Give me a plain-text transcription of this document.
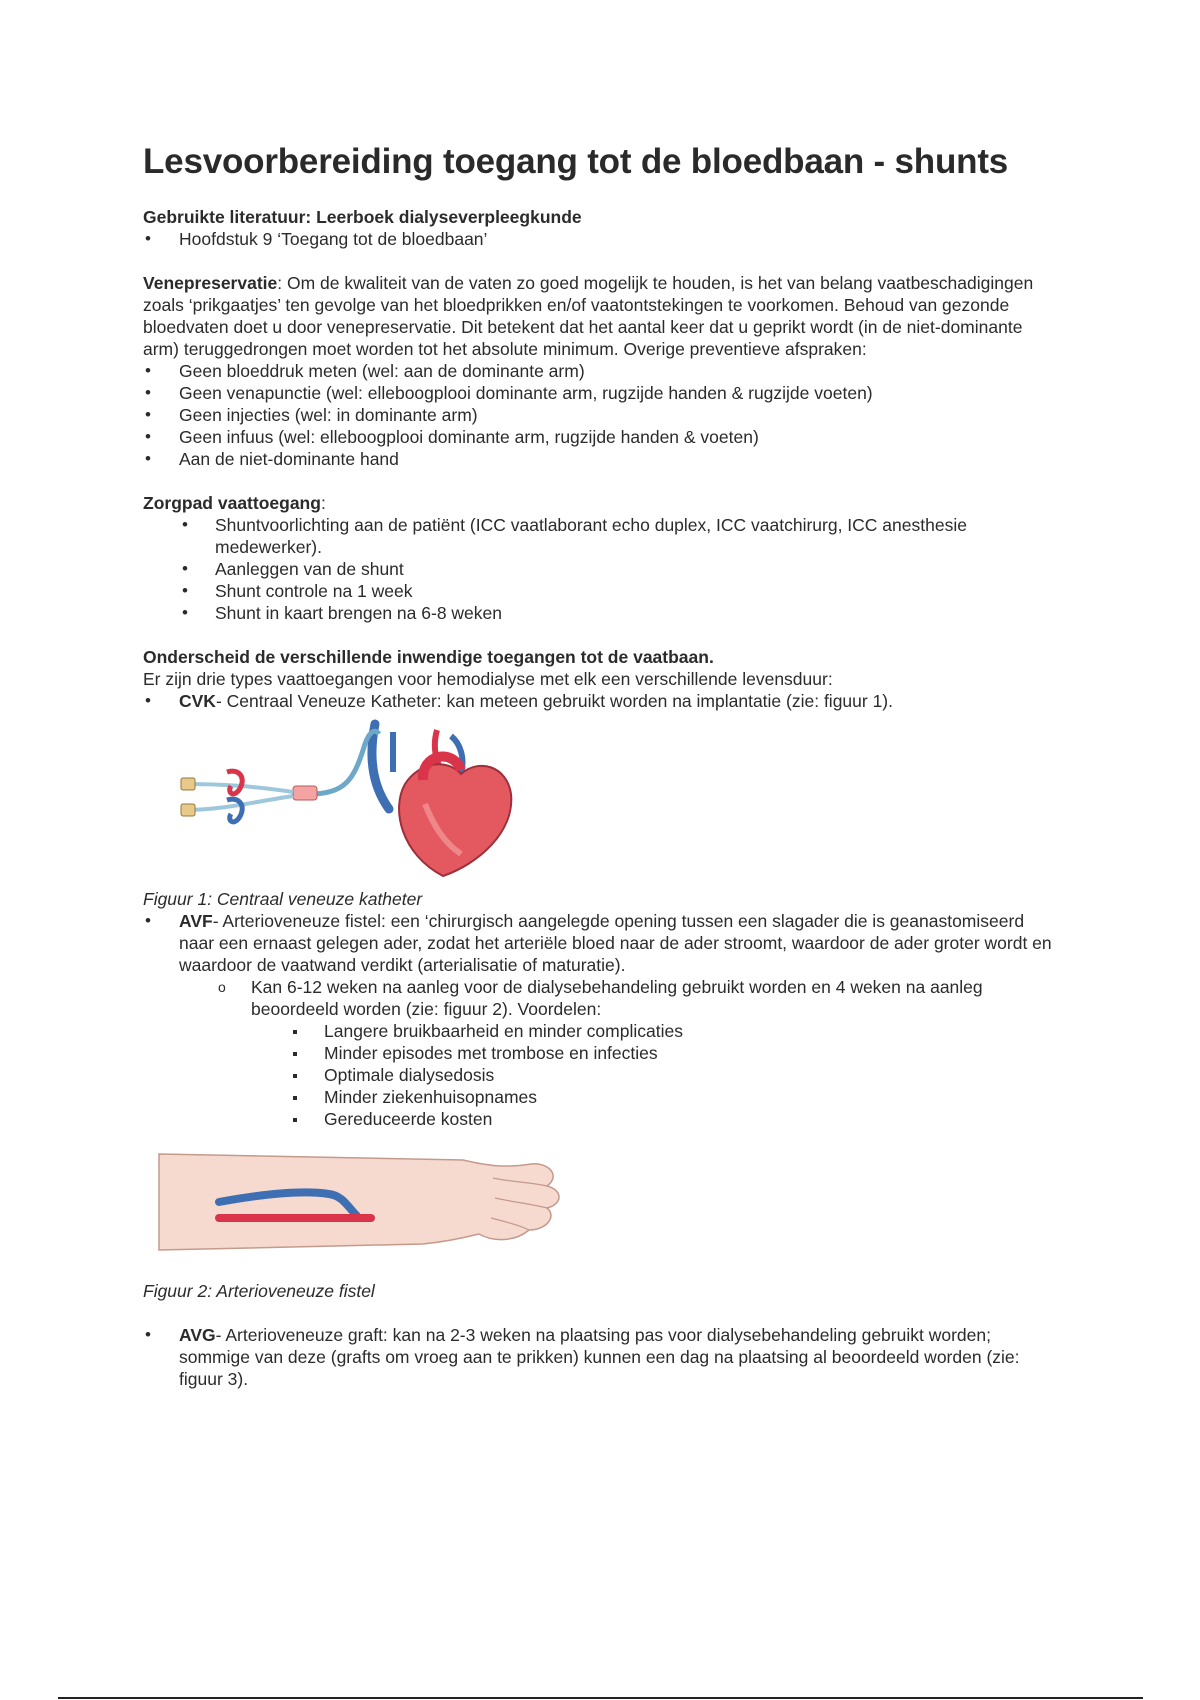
Lesvoorbereiding toegang tot de bloedbaan - shunts
Gebruikte literatuur: Leerboek dialyseverpleegkunde
• Hoofdstuk 9 ‘Toegang tot de bloedbaan’
Venepreservatie: Om de kwaliteit van de vaten zo goed mogelijk te houden, is het van belang vaatbeschadigingen zoals ‘prikgaatjes’ ten gevolge van het bloedprikken en/of vaatontstekingen te voorkomen. Behoud van gezonde bloedvaten doet u door venepreservatie. Dit betekent dat het aantal keer dat u geprikt wordt (in de niet-dominante arm) teruggedrongen moet worden tot het absolute minimum. Overige preventieve afspraken:
• Geen bloeddruk meten (wel: aan de dominante arm)
• Geen venapunctie (wel: elleboogplooi dominante arm, rugzijde handen & rugzijde voeten)
• Geen injecties (wel: in dominante arm)
• Geen infuus (wel: elleboogplooi dominante arm, rugzijde handen & voeten)
• Aan de niet-dominante hand
Zorgpad vaattoegang:
• Shuntvoorlichting aan de patiënt (ICC vaatlaborant echo duplex, ICC vaatchirurg, ICC anesthesie medewerker).
• Aanleggen van de shunt
• Shunt controle na 1 week
• Shunt in kaart brengen na 6-8 weken
Onderscheid de verschillende inwendige toegangen tot de vaatbaan.
Er zijn drie types vaattoegangen voor hemodialyse met elk een verschillende levensduur:
• CVK- Centraal Veneuze Katheter: kan meteen gebruikt worden na implantatie (zie: figuur 1).
Figuur 1: Centraal veneuze katheter
• AVF- Arterioveneuze fistel: een ‘chirurgisch aangelegde opening tussen een slagader die is geanastomiseerd naar een ernaast gelegen ader, zodat het arteriële bloed naar de ader stroomt, waardoor de ader groter wordt en waardoor de vaatwand verdikt (arterialisatie of maturatie).
o Kan 6-12 weken na aanleg voor de dialysebehandeling gebruikt worden en 4 weken na aanleg beoordeeld worden (zie: figuur 2). Voordelen:
Langere bruikbaarheid en minder complicaties
Minder episodes met trombose en infecties
Optimale dialysedosis
Minder ziekenhuisopnames
Gereduceerde kosten
Figuur 2: Arterioveneuze fistel
• AVG- Arterioveneuze graft: kan na 2-3 weken na plaatsing pas voor dialysebehandeling gebruikt worden; sommige van deze (grafts om vroeg aan te prikken) kunnen een dag na plaatsing al beoordeeld worden (zie: figuur 3).
